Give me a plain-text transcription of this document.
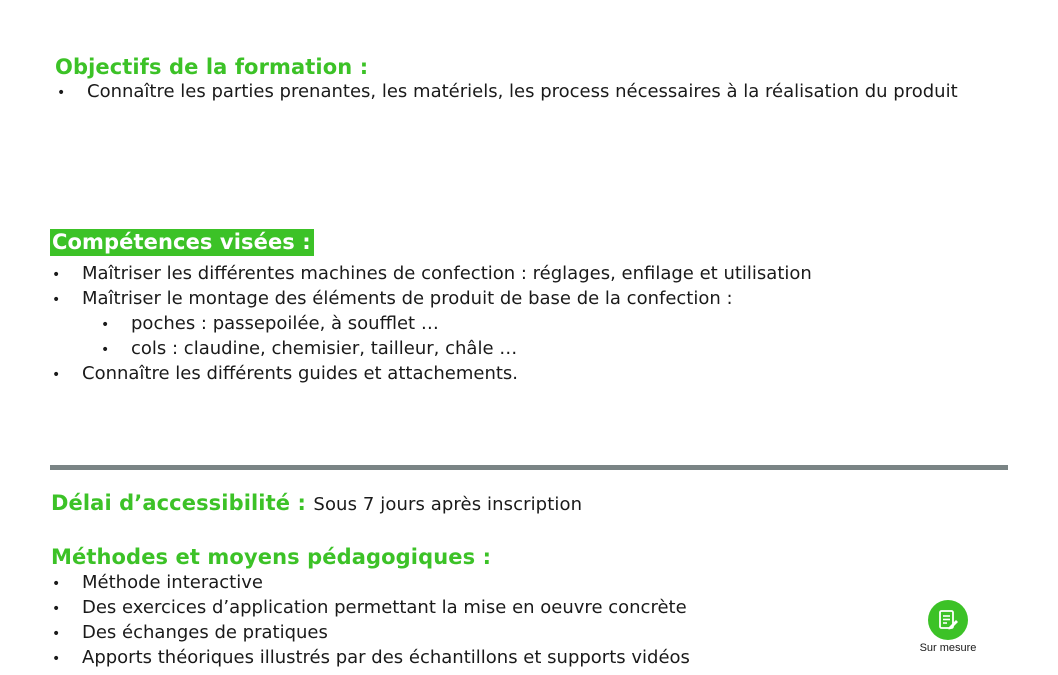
Objectifs de la formation :
• Connaître les parties prenantes, les matériels, les process nécessaires à la réalisation du produit
Compétences visées :
• Maîtriser les différentes machines de confection : réglages, enfilage et utilisation
• Maîtriser le montage des éléments de produit de base de la confection :
• poches : passepoilée, à soufflet …
• cols : claudine, chemisier, tailleur, châle …
• Connaître les différents guides et attachements.
Délai d’accessibilité : Sous 7 jours après inscription
Méthodes et moyens pédagogiques :
• Méthode interactive
• Des exercices d’application permettant la mise en oeuvre concrète
• Des échanges de pratiques
• Apports théoriques illustrés par des échantillons et supports vidéos	Sur mesure
